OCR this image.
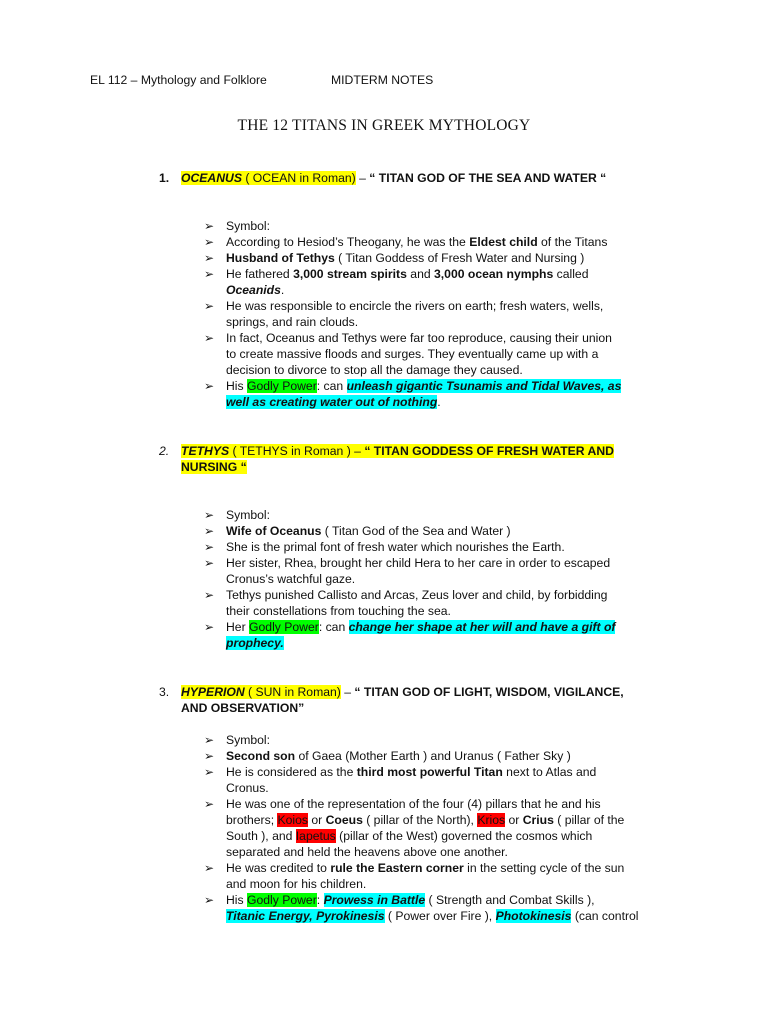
EL 112 – Mythology and Folklore	MIDTERM NOTES
THE 12 TITANS IN GREEK MYTHOLOGY
1. OCEANUS ( OCEAN in Roman) – “ TITAN GOD OF THE SEA AND WATER “
➢ Symbol:
➢ According to Hesiod’s Theogany, he was the Eldest child of the Titans
➢ Husband of Tethys ( Titan Goddess of Fresh Water and Nursing )
➢ He fathered 3,000 stream spirits and 3,000 ocean nymphs called
Oceanids.
➢ He was responsible to encircle the rivers on earth; fresh waters, wells,
springs, and rain clouds.
➢ In fact, Oceanus and Tethys were far too reproduce, causing their union
to create massive floods and surges. They eventually came up with a
decision to divorce to stop all the damage they caused.
➢ His Godly Power: can unleash gigantic Tsunamis and Tidal Waves, as
well as creating water out of nothing.
2. TETHYS ( TETHYS in Roman ) – “ TITAN GODDESS OF FRESH WATER AND
NURSING “
➢ Symbol:
➢ Wife of Oceanus ( Titan God of the Sea and Water )
➢ She is the primal font of fresh water which nourishes the Earth.
➢ Her sister, Rhea, brought her child Hera to her care in order to escaped
Cronus’s watchful gaze.
➢ Tethys punished Callisto and Arcas, Zeus lover and child, by forbidding
their constellations from touching the sea.
➢ Her Godly Power: can change her shape at her will and have a gift of
prophecy.
3. HYPERION ( SUN in Roman) – “ TITAN GOD OF LIGHT, WISDOM, VIGILANCE,
AND OBSERVATION”
➢ Symbol:
➢ Second son of Gaea (Mother Earth ) and Uranus ( Father Sky )
➢ He is considered as the third most powerful Titan next to Atlas and
Cronus.
➢ He was one of the representation of the four (4) pillars that he and his
brothers; Koios or Coeus ( pillar of the North), Krios or Crius ( pillar of the
South ), and Iapetus (pillar of the West) governed the cosmos which
separated and held the heavens above one another.
➢ He was credited to rule the Eastern corner in the setting cycle of the sun
and moon for his children.
➢ His Godly Power: Prowess in Battle ( Strength and Combat Skills ),
Titanic Energy, Pyrokinesis ( Power over Fire ), Photokinesis (can control
